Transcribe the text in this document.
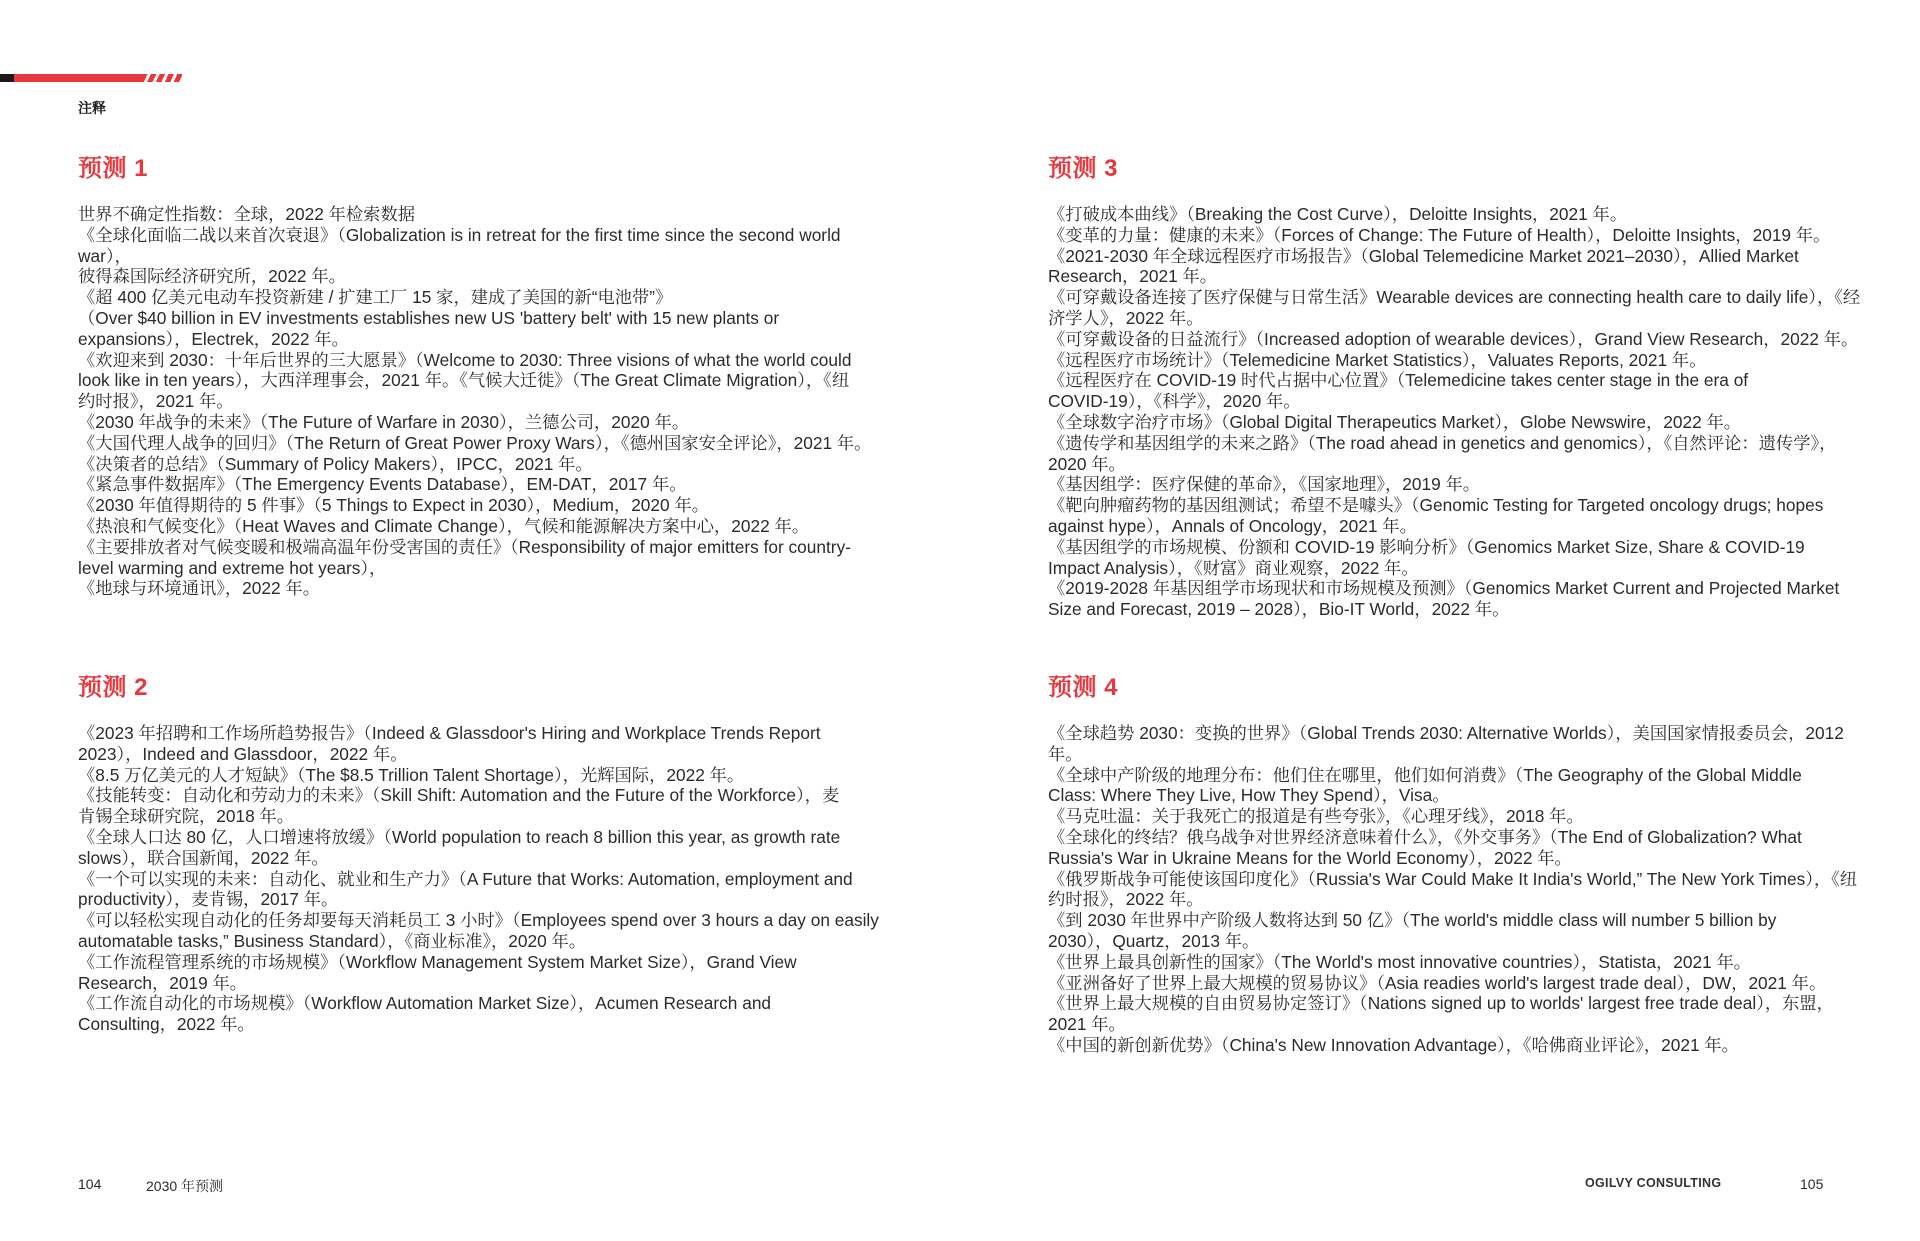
注释
预测 1
世界不确定性指数：全球，2022 年检索数据
《全球化面临二战以来首次衰退》（Globalization is in retreat for the first time since the second world
war），
彼得森国际经济研究所，2022 年。
《超 400 亿美元电动车投资新建 / 扩建工厂 15 家，建成了美国的新“电池带”》
（Over $40 billion in EV investments establishes new US 'battery belt' with 15 new plants or
expansions），Electrek，2022 年。
《欢迎来到 2030：十年后世界的三大愿景》（Welcome to 2030: Three visions of what the world could
look like in ten years），大西洋理事会，2021 年。《气候大迁徙》（The Great Climate Migration），《纽
约时报》，2021 年。
《2030 年战争的未来》（The Future of Warfare in 2030），兰德公司，2020 年。
《大国代理人战争的回归》（The Return of Great Power Proxy Wars），《德州国家安全评论》，2021 年。
《决策者的总结》（Summary of Policy Makers），IPCC，2021 年。
《紧急事件数据库》（The Emergency Events Database），EM-DAT，2017 年。
《2030 年值得期待的 5 件事》（5 Things to Expect in 2030），Medium，2020 年。
《热浪和气候变化》（Heat Waves and Climate Change），气候和能源解决方案中心，2022 年。
《主要排放者对气候变暖和极端高温年份受害国的责任》（Responsibility of major emitters for country-
level warming and extreme hot years），
《地球与环境通讯》，2022 年。
预测 3
《打破成本曲线》（Breaking the Cost Curve），Deloitte Insights，2021 年。
《变革的力量：健康的未来》（Forces of Change: The Future of Health），Deloitte Insights，2019 年。
《2021-2030 年全球远程医疗市场报告》（Global Telemedicine Market 2021–2030），Allied Market
Research，2021 年。
《可穿戴设备连接了医疗保健与日常生活》Wearable devices are connecting health care to daily life），《经
济学人》，2022 年。
《可穿戴设备的日益流行》（Increased adoption of wearable devices），Grand View Research，2022 年。
《远程医疗市场统计》（Telemedicine Market Statistics），Valuates Reports, 2021 年。
《远程医疗在 COVID-19 时代占据中心位置》（Telemedicine takes center stage in the era of
COVID-19），《科学》，2020 年。
《全球数字治疗市场》（Global Digital Therapeutics Market），Globe Newswire，2022 年。
《遗传学和基因组学的未来之路》（The road ahead in genetics and genomics），《自然评论：遗传学》，
2020 年。
《基因组学：医疗保健的革命》，《国家地理》，2019 年。
《靶向肿瘤药物的基因组测试；希望不是噱头》（Genomic Testing for Targeted oncology drugs; hopes
against hype），Annals of Oncology，2021 年。
《基因组学的市场规模、份额和 COVID-19 影响分析》（Genomics Market Size, Share & COVID-19
Impact Analysis），《财富》商业观察，2022 年。
《2019-2028 年基因组学市场现状和市场规模及预测》（Genomics Market Current and Projected Market
Size and Forecast, 2019 – 2028），Bio-IT World，2022 年。
预测 2
《2023 年招聘和工作场所趋势报告》（Indeed & Glassdoor's Hiring and Workplace Trends Report
2023），Indeed and Glassdoor，2022 年。
《8.5 万亿美元的人才短缺》（The $8.5 Trillion Talent Shortage），光辉国际，2022 年。
《技能转变：自动化和劳动力的未来》（Skill Shift: Automation and the Future of the Workforce），麦
肯锡全球研究院，2018 年。
《全球人口达 80 亿，人口增速将放缓》（World population to reach 8 billion this year, as growth rate
slows），联合国新闻，2022 年。
《一个可以实现的未来：自动化、就业和生产力》（A Future that Works: Automation, employment and
productivity），麦肯锡，2017 年。
《可以轻松实现自动化的任务却要每天消耗员工 3 小时》（Employees spend over 3 hours a day on easily
automatable tasks,” Business Standard），《商业标准》，2020 年。
《工作流程管理系统的市场规模》（Workflow Management System Market Size），Grand View
Research，2019 年。
《工作流自动化的市场规模》（Workflow Automation Market Size），Acumen Research and
Consulting，2022 年。
预测 4
《全球趋势 2030：变换的世界》（Global Trends 2030: Alternative Worlds），美国国家情报委员会，2012 年。
《全球中产阶级的地理分布：他们住在哪里，他们如何消费》（The Geography of the Global Middle
Class: Where They Live, How They Spend），Visa。
《马克吐温：关于我死亡的报道是有些夸张》，《心理牙线》，2018 年。
《全球化的终结？俄乌战争对世界经济意味着什么》，《外交事务》（The End of Globalization? What
Russia's War in Ukraine Means for the World Economy），2022 年。
《俄罗斯战争可能使该国印度化》（Russia's War Could Make It India's World,” The New York Times），《纽
约时报》，2022 年。
《到 2030 年世界中产阶级人数将达到 50 亿》（The world's middle class will number 5 billion by
2030），Quartz，2013 年。
《世界上最具创新性的国家》（The World's most innovative countries），Statista，2021 年。
《亚洲备好了世界上最大规模的贸易协议》（Asia readies world's largest trade deal），DW，2021 年。
《世界上最大规模的自由贸易协定签订》（Nations signed up to worlds' largest free trade deal），东盟，
2021 年。
《中国的新创新优势》（China's New Innovation Advantage），《哈佛商业评论》，2021 年。
104	2030 年预测	OGILVY CONSULTING	105
